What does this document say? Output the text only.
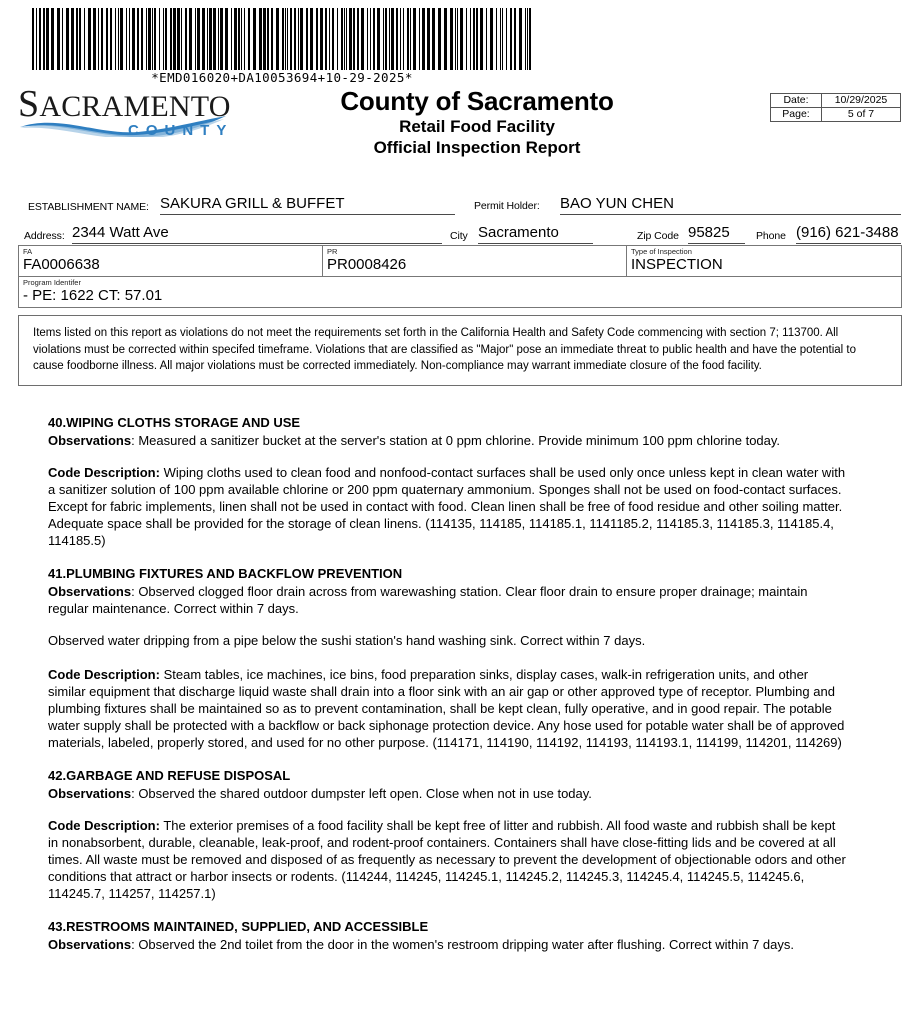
*EMD016020+DA10053694+10-29-2025*
SACRAMENTO
COUNTY
County of Sacramento
Retail Food Facility
Official Inspection Report
Date:	10/29/2025
Page:	5 of 7
ESTABLISHMENT NAME: SAKURA GRILL & BUFFET	Permit Holder: BAO YUN CHEN
Address: 2344 Watt Ave	City Sacramento	Zip Code 95825	Phone (916) 621-3488
FA
FA0006638

PR
PR0008426

Type of Inspection
INSPECTION

Program Identifer
- PE: 1622 CT: 57.01
Items listed on this report as violations do not meet the requirements set forth in the California Health and Safety Code commencing with section 7; 113700. All violations must be corrected within specifed timeframe. Violations that are classified as "Major" pose an immediate threat to public health and have the potential to cause foodborne illness. All major violations must be corrected immediately. Non-compliance may warrant immediate closure of the food facility.
40.WIPING CLOTHS STORAGE AND USE

Observations: Measured a sanitizer bucket at the server's station at 0 ppm chlorine. Provide minimum 100 ppm chlorine today.

Code Description: Wiping cloths used to clean food and nonfood-contact surfaces shall be used only once unless kept in clean water with a sanitizer solution of 100 ppm available chlorine or 200 ppm quaternary ammonium. Sponges shall not be used on food-contact surfaces. Except for fabric implements, linen shall not be used in contact with food. Clean linen shall be free of food residue and other soiling matter. Adequate space shall be provided for the storage of clean linens. (114135, 114185, 114185.1, 1141185.2, 114185.3, 114185.3, 114185.4, 114185.5)

41.PLUMBING FIXTURES AND BACKFLOW PREVENTION

Observations: Observed clogged floor drain across from warewashing station. Clear floor drain to ensure proper drainage; maintain regular maintenance. Correct within 7 days.

Observed water dripping from a pipe below the sushi station's hand washing sink. Correct within 7 days.

Code Description: Steam tables, ice machines, ice bins, food preparation sinks, display cases, walk-in refrigeration units, and other similar equipment that discharge liquid waste shall drain into a floor sink with an air gap or other approved type of receptor. Plumbing and plumbing fixtures shall be maintained so as to prevent contamination, shall be kept clean, fully operative, and in good repair. The potable water supply shall be protected with a backflow or back siphonage protection device. Any hose used for potable water shall be of approved materials, labeled, properly stored, and used for no other purpose. (114171, 114190, 114192, 114193, 114193.1, 114199, 114201, 114269)

42.GARBAGE AND REFUSE DISPOSAL

Observations: Observed the shared outdoor dumpster left open. Close when not in use today.

Code Description: The exterior premises of a food facility shall be kept free of litter and rubbish. All food waste and rubbish shall be kept in nonabsorbent, durable, cleanable, leak-proof, and rodent-proof containers. Containers shall have close-fitting lids and be covered at all times. All waste must be removed and disposed of as frequently as necessary to prevent the development of objectionable odors and other conditions that attract or harbor insects or rodents. (114244, 114245, 114245.1, 114245.2, 114245.3, 114245.4, 114245.5, 114245.6, 114245.7, 114257, 114257.1)

43.RESTROOMS MAINTAINED, SUPPLIED, AND ACCESSIBLE

Observations: Observed the 2nd toilet from the door in the women's restroom dripping water after flushing. Correct within 7 days.
